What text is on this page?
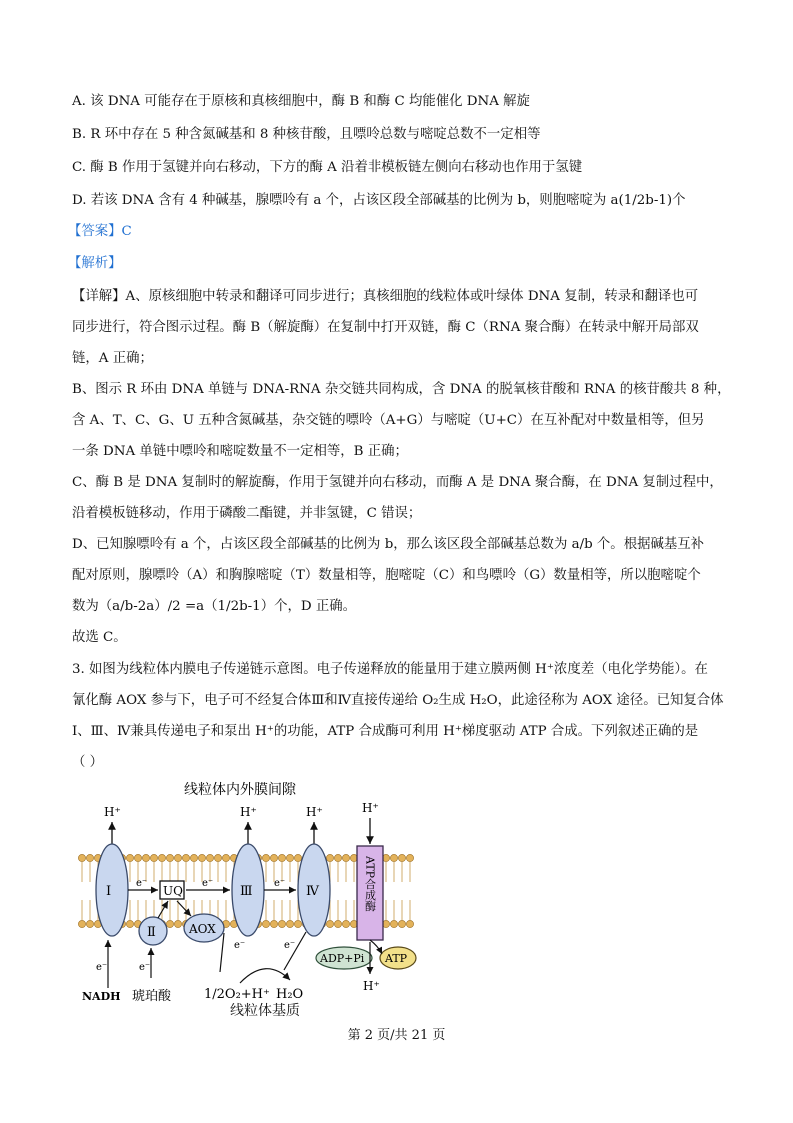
A. 该 DNA 可能存在于原核和真核细胞中，酶 B 和酶 C 均能催化 DNA 解旋
B. R 环中存在 5 种含氮碱基和 8 种核苷酸，且嘌呤总数与嘧啶总数不一定相等
C. 酶 B 作用于氢键并向右移动，下方的酶 A 沿着非模板链左侧向右移动也作用于氢键
D. 若该 DNA 含有 4 种碱基，腺嘌呤有 a 个，占该区段全部碱基的比例为 b，则胞嘧啶为 a(1/2b-1)个
【答案】C
【解析】
【详解】A、原核细胞中转录和翻译可同步进行；真核细胞的线粒体或叶绿体 DNA 复制，转录和翻译也可
同步进行，符合图示过程。酶 B（解旋酶）在复制中打开双链，酶 C（RNA 聚合酶）在转录中解开局部双
链，A 正确；
B、图示 R 环由 DNA 单链与 DNA-RNA 杂交链共同构成，含 DNA 的脱氧核苷酸和 RNA 的核苷酸共 8 种，
含 A、T、C、G、U 五种含氮碱基，杂交链的嘌呤（A+G）与嘧啶（U+C）在互补配对中数量相等，但另
一条 DNA 单链中嘌呤和嘧啶数量不一定相等，B 正确；
C、酶 B 是 DNA 复制时的解旋酶，作用于氢键并向右移动，而酶 A 是 DNA 聚合酶，在 DNA 复制过程中，
沿着模板链移动，作用于磷酸二酯键，并非氢键，C 错误；
D、已知腺嘌呤有 a 个，占该区段全部碱基的比例为 b，那么该区段全部碱基总数为 a/b 个。根据碱基互补
配对原则，腺嘌呤（A）和胸腺嘧啶（T）数量相等，胞嘧啶（C）和鸟嘌呤（G）数量相等，所以胞嘧啶个
数为（a/b-2a）/2 =a（1/2b-1）个，D 正确。
故选 C。
3. 如图为线粒体内膜电子传递链示意图。电子传递释放的能量用于建立膜两侧 H⁺浓度差（电化学势能）。在
氰化酶 AOX 参与下，电子可不经复合体Ⅲ和Ⅳ直接传递给 O₂生成 H₂O，此途径称为 AOX 途径。已知复合体
Ⅰ、Ⅲ、Ⅳ兼具传递电子和泵出 H⁺的功能，ATP 合成酶可利用 H⁺梯度驱动 ATP 合成。下列叙述正确的是
（ ）
线粒体内外膜间隙
H⁺	H⁺	H⁺	H⁺
Ⅰ
Ⅱ
UQ
AOX
Ⅲ	Ⅳ	ATP合成酶
e⁻	e⁻	e⁻
e⁻
NADH
e⁻
琥珀酸
e⁻	e⁻
1/2O₂+H⁺ H₂O
ADP+Pi ATP
H⁺
线粒体基质
第 2 页/共 21 页
